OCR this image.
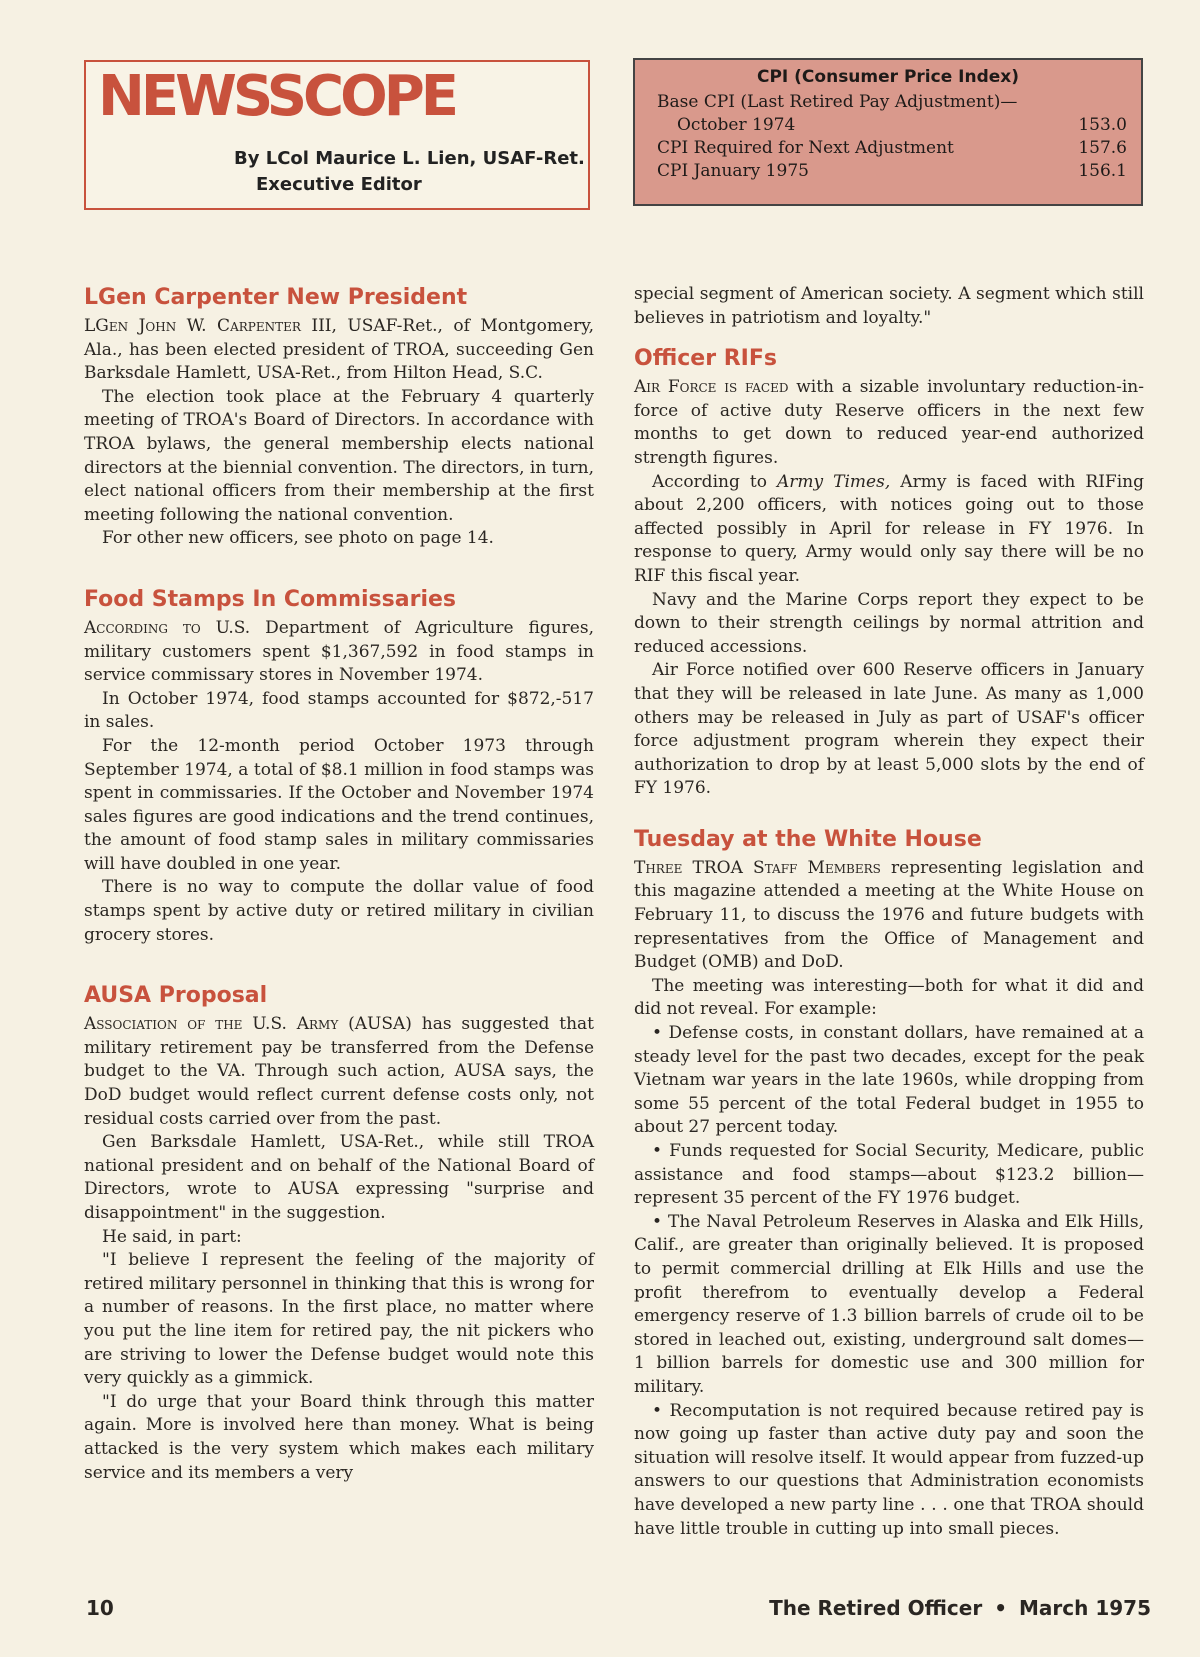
NEWSSCOPE
By LCol Maurice L. Lien, USAF-Ret.
Executive Editor
CPI (Consumer Price Index)
Base CPI (Last Retired Pay Adjustment)—
October 1974	153.0
CPI Required for Next Adjustment	157.6
CPI January 1975	156.1
LGen Carpenter New President

LGen John W. Carpenter III, USAF-Ret., of Montgomery, Ala., has been elected president of TROA, succeeding Gen Barksdale Hamlett, USA-Ret., from Hilton Head, S.C.

The election took place at the February 4 quarterly meeting of TROA's Board of Directors. In accordance with TROA bylaws, the general membership elects national directors at the biennial convention. The directors, in turn, elect national officers from their membership at the first meeting following the national convention.

For other new officers, see photo on page 14.

Food Stamps In Commissaries

According to U.S. Department of Agriculture figures, military customers spent $1,367,592 in food stamps in service commissary stores in November 1974.

In October 1974, food stamps accounted for $872,-517 in sales.

For the 12-month period October 1973 through September 1974, a total of $8.1 million in food stamps was spent in commissaries. If the October and November 1974 sales figures are good indications and the trend continues, the amount of food stamp sales in military commissaries will have doubled in one year.

There is no way to compute the dollar value of food stamps spent by active duty or retired military in civilian grocery stores.

AUSA Proposal

Association of the U.S. Army (AUSA) has suggested that military retirement pay be transferred from the Defense budget to the VA. Through such action, AUSA says, the DoD budget would reflect current defense costs only, not residual costs carried over from the past.

Gen Barksdale Hamlett, USA-Ret., while still TROA national president and on behalf of the National Board of Directors, wrote to AUSA expressing "surprise and disappointment" in the suggestion.

He said, in part:

"I believe I represent the feeling of the majority of retired military personnel in thinking that this is wrong for a number of reasons. In the first place, no matter where you put the line item for retired pay, the nit pickers who are striving to lower the Defense budget would note this very quickly as a gimmick.

"I do urge that your Board think through this matter again. More is involved here than money. What is being attacked is the very system which makes each military service and its members a very

special segment of American society. A segment which still believes in patriotism and loyalty."

Officer RIFs

Air Force is faced with a sizable involuntary reduction-in-force of active duty Reserve officers in the next few months to get down to reduced year-end authorized strength figures.

According to Army Times, Army is faced with RIFing about 2,200 officers, with notices going out to those affected possibly in April for release in FY 1976. In response to query, Army would only say there will be no RIF this fiscal year.

Navy and the Marine Corps report they expect to be down to their strength ceilings by normal attrition and reduced accessions.

Air Force notified over 600 Reserve officers in January that they will be released in late June. As many as 1,000 others may be released in July as part of USAF's officer force adjustment program wherein they expect their authorization to drop by at least 5,000 slots by the end of FY 1976.

Tuesday at the White House

Three TROA Staff Members representing legislation and this magazine attended a meeting at the White House on February 11, to discuss the 1976 and future budgets with representatives from the Office of Management and Budget (OMB) and DoD.

The meeting was interesting—both for what it did and did not reveal. For example:

• Defense costs, in constant dollars, have remained at a steady level for the past two decades, except for the peak Vietnam war years in the late 1960s, while dropping from some 55 percent of the total Federal budget in 1955 to about 27 percent today.

• Funds requested for Social Security, Medicare, public assistance and food stamps—about $123.2 billion—represent 35 percent of the FY 1976 budget.

• The Naval Petroleum Reserves in Alaska and Elk Hills, Calif., are greater than originally believed. It is proposed to permit commercial drilling at Elk Hills and use the profit therefrom to eventually develop a Federal emergency reserve of 1.3 billion barrels of crude oil to be stored in leached out, existing, underground salt domes—1 billion barrels for domestic use and 300 million for military.

• Recomputation is not required because retired pay is now going up faster than active duty pay and soon the situation will resolve itself. It would appear from fuzzed-up answers to our questions that Administration economists have developed a new party line . . . one that TROA should have little trouble in cutting up into small pieces.

10	The Retired Officer • March 1975
